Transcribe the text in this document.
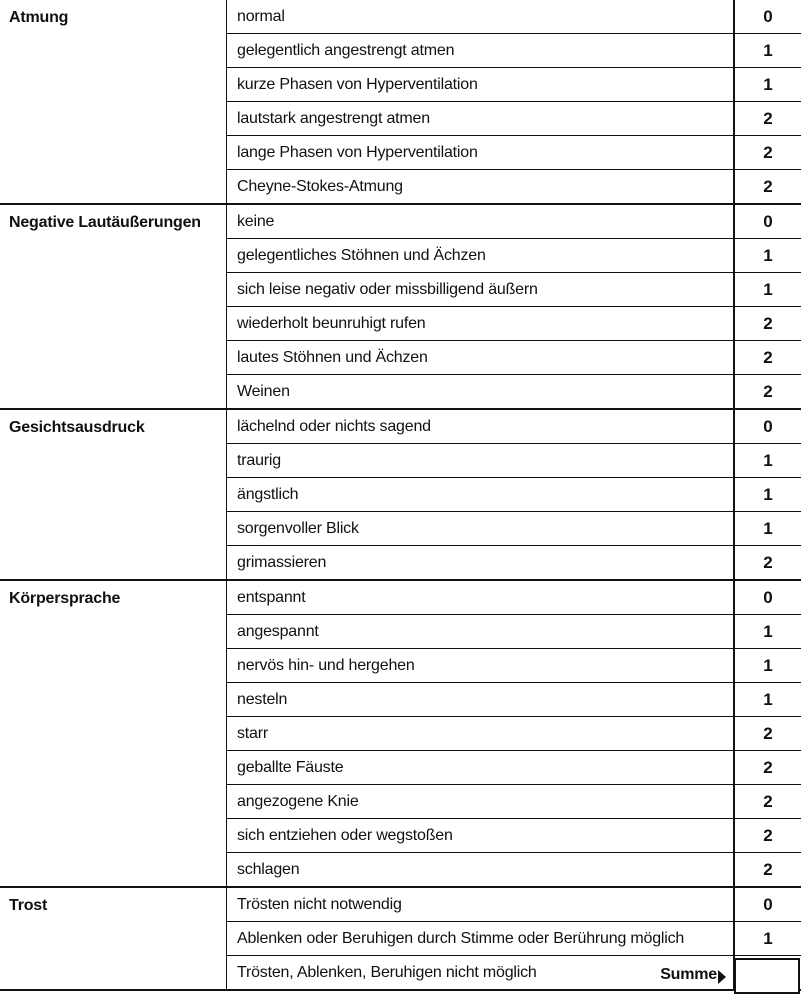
Atmung	normal	0
gelegentlich angestrengt atmen	1
kurze Phasen von Hyperventilation	1
lautstark angestrengt atmen	2
lange Phasen von Hyperventilation	2
Cheyne-Stokes-Atmung	2
Negative Lautäußerungen	keine	0
gelegentliches Stöhnen und Ächzen	1
sich leise negativ oder missbilligend äußern	1
wiederholt beunruhigt rufen	2
lautes Stöhnen und Ächzen	2
Weinen	2
Gesichtsausdruck	lächelnd oder nichts sagend	0
traurig	1
ängstlich	1
sorgenvoller Blick	1
grimassieren	2
Körpersprache	entspannt	0
angespannt	1
nervös hin- und hergehen	1
nesteln	1
starr	2
geballte Fäuste	2
angezogene Knie	2
sich entziehen oder wegstoßen	2
schlagen	2
Trost	Trösten nicht notwendig	0
Ablenken oder Beruhigen durch Stimme oder Berührung möglich	1
Trösten, Ablenken, Beruhigen nicht möglich	Summe
